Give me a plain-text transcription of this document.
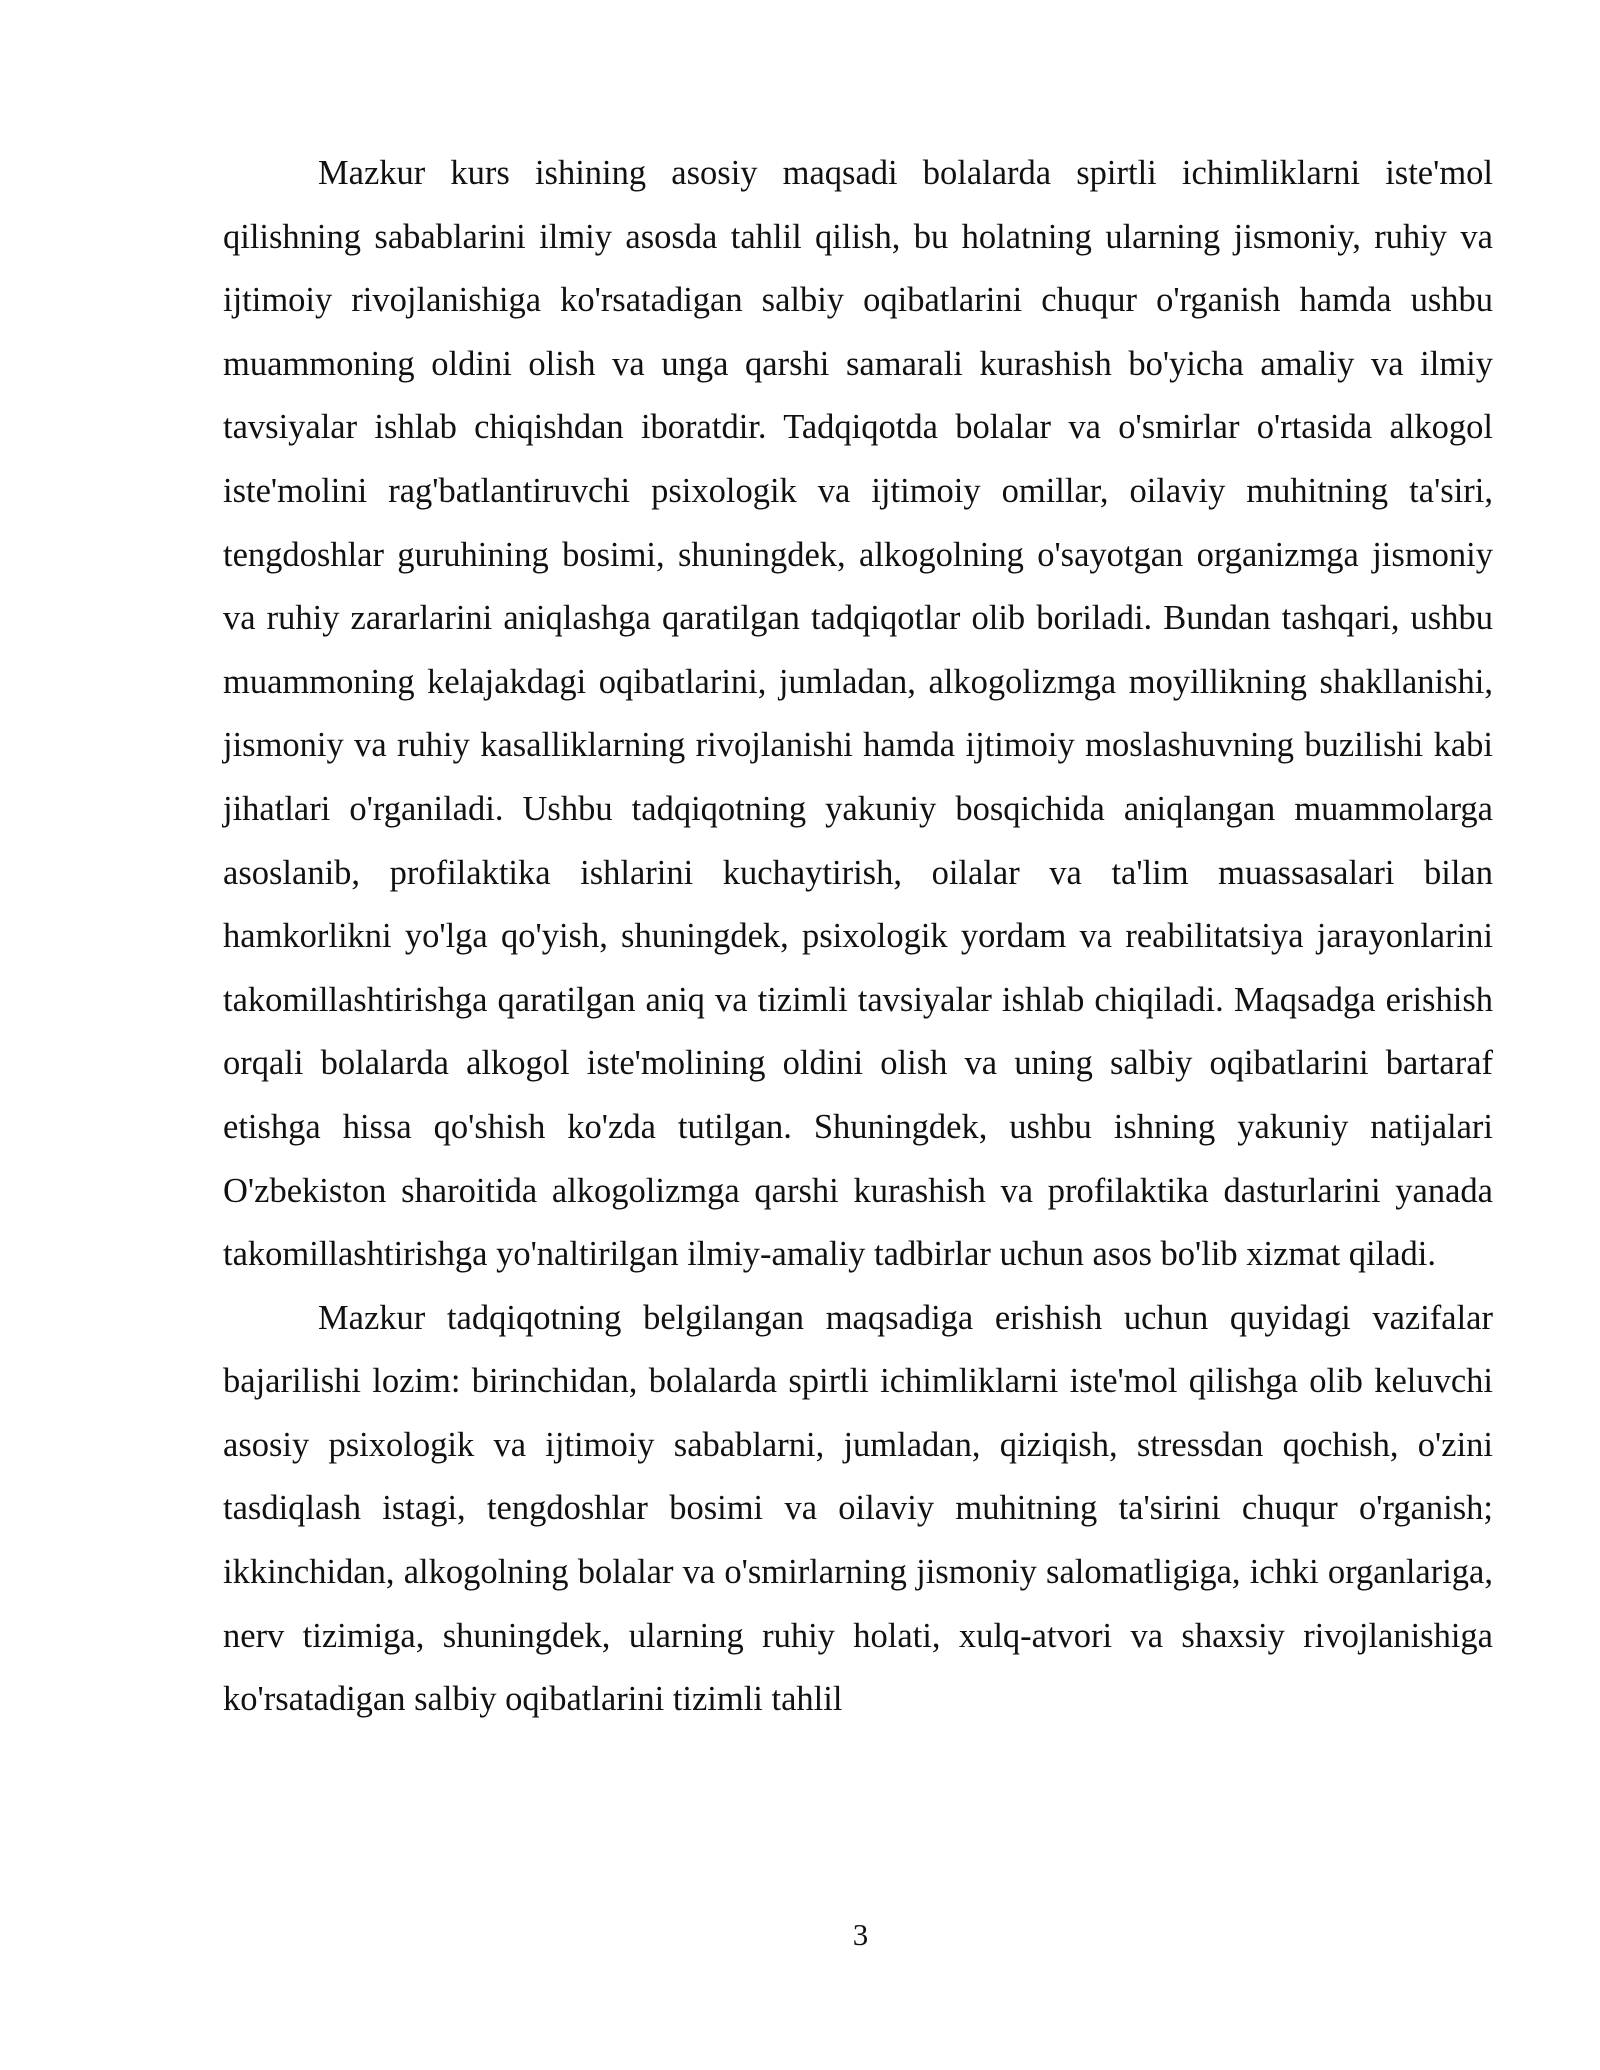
Mazkur kurs ishining asosiy maqsadi bolalarda spirtli ichimliklarni iste'mol qilishning sabablarini ilmiy asosda tahlil qilish, bu holatning ularning jismoniy, ruhiy va ijtimoiy rivojlanishiga ko'rsatadigan salbiy oqibatlarini chuqur o'rganish hamda ushbu muammoning oldini olish va unga qarshi samarali kurashish bo'yicha amaliy va ilmiy tavsiyalar ishlab chiqishdan iboratdir. Tadqiqotda bolalar va o'smirlar o'rtasida alkogol iste'molini rag'batlantiruvchi psixologik va ijtimoiy omillar, oilaviy muhitning ta'siri, tengdoshlar guruhining bosimi, shuningdek, alkogolning o'sayotgan organizmga jismoniy va ruhiy zararlarini aniqlashga qaratilgan tadqiqotlar olib boriladi. Bundan tashqari, ushbu muammoning kelajakdagi oqibatlarini, jumladan, alkogolizmga moyillikning shakllanishi, jismoniy va ruhiy kasalliklarning rivojlanishi hamda ijtimoiy moslashuvning buzilishi kabi jihatlari o'rganiladi. Ushbu tadqiqotning yakuniy bosqichida aniqlangan muammolarga asoslanib, profilaktika ishlarini kuchaytirish, oilalar va ta'lim muassasalari bilan hamkorlikni yo'lga qo'yish, shuningdek, psixologik yordam va reabilitatsiya jarayonlarini takomillashtirishga qaratilgan aniq va tizimli tavsiyalar ishlab chiqiladi. Maqsadga erishish orqali bolalarda alkogol iste'molining oldini olish va uning salbiy oqibatlarini bartaraf etishga hissa qo'shish ko'zda tutilgan. Shuningdek, ushbu ishning yakuniy natijalari O'zbekiston sharoitida alkogolizmga qarshi kurashish va profilaktika dasturlarini yanada takomillashtirishga yo'naltirilgan ilmiy-amaliy tadbirlar uchun asos bo'lib xizmat qiladi.

Mazkur tadqiqotning belgilangan maqsadiga erishish uchun quyidagi vazifalar bajarilishi lozim: birinchidan, bolalarda spirtli ichimliklarni iste'mol qilishga olib keluvchi asosiy psixologik va ijtimoiy sabablarni, jumladan, qiziqish, stressdan qochish, o'zini tasdiqlash istagi, tengdoshlar bosimi va oilaviy muhitning ta'sirini chuqur o'rganish; ikkinchidan, alkogolning bolalar va o'smirlarning jismoniy salomatligiga, ichki organlariga, nerv tizimiga, shuningdek, ularning ruhiy holati, xulq-atvori va shaxsiy rivojlanishiga ko'rsatadigan salbiy oqibatlarini tizimli tahlil

3
